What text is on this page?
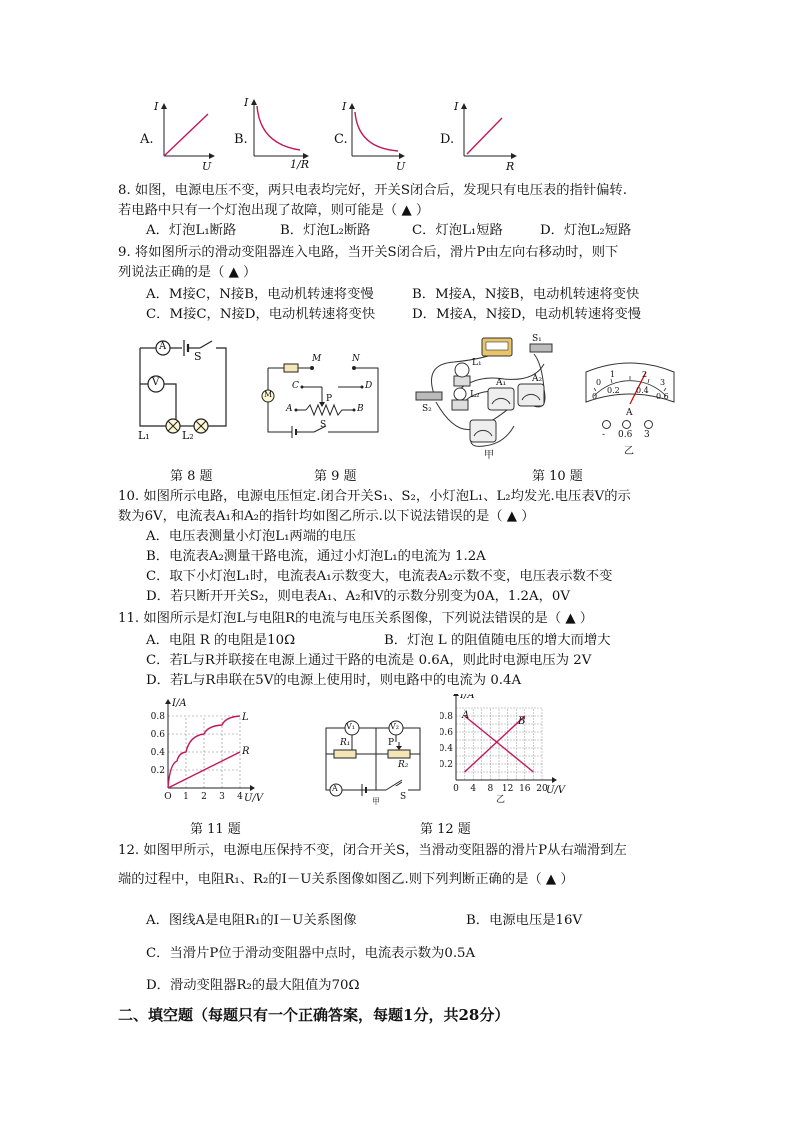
A.	B.	C.	D.
I	I	I	I
U	1/R	U	R
8. 如图，电源电压不变，两只电表均完好，开关S闭合后，发现只有电压表的指针偏转.
若电路中只有一个灯泡出现了故障，则可能是（ ▲ ）
A．灯泡L₁断路	B．灯泡L₂断路	C．灯泡L₁短路	D．灯泡L₂短路
9. 将如图所示的滑动变阻器连入电路，当开关S闭合后，滑片P由左向右移动时，则下
列说法正确的是（ ▲ ）
A．M接C，N接B，电动机转速将变慢	B．M接A，N接B，电动机转速将变快
C．M接C，N接D，电动机转速将变快	D．M接A，N接D，电动机转速将变慢
A
V
S
L₁	L₂
M
M	N
C	D
A	B
P
S
L₁
A₁	A₂
S₁
S₂
L₂
甲
0
0.2 0.4
0.6
0
1	2
3
A
- 0.6 3
乙
第 8 题	第 9 题	第 10 题
10. 如图所示电路，电源电压恒定.闭合开关S₁、S₂，小灯泡L₁、L₂均发光.电压表V的示
数为6V，电流表A₁和A₂的指针均如图乙所示.以下说法错误的是（ ▲ ）
A．电压表测量小灯泡L₁两端的电压
B．电流表A₂测量干路电流，通过小灯泡L₁的电流为 1.2A
C．取下小灯泡L₁时，电流表A₁示数变大，电流表A₂示数不变，电压表示数不变
D．若只断开开关S₂，则电表A₁、A₂和V的示数分别变为0A，1.2A，0V
11. 如图所示是灯泡L与电阻R的电流与电压关系图像，下列说法错误的是（ ▲ ）
A．电阻 R 的电阻是10Ω	B．灯泡 L 的阻值随电压的增大而增大
C．若L与R并联接在电源上通过干路的电流是 0.6A，则此时电源电压为 2V
D．若L与R串联在5V的电源上使用时，则电路中的电流为 0.4A
O 1 2 3 4
0.2
0.4
0.6
0.8
I/A
U/V
L
R
V₁	V₂
R₁
R₂
P
A
S
甲
0 4 8 12 16 20
0.2
0.4
0.6
0.8
I/A
U/V
A
B
乙
第 11 题	第 12 题
12. 如图甲所示，电源电压保持不变，闭合开关S，当滑动变阻器的滑片P从右端滑到左
端的过程中，电阻R₁、R₂的I－U关系图像如图乙.则下列判断正确的是（ ▲ ）
A．图线A是电阻R₁的I－U关系图像	B．电源电压是16V
C．当滑片P位于滑动变阻器中点时，电流表示数为0.5A
D．滑动变阻器R₂的最大阻值为70Ω
二、填空题（每题只有一个正确答案，每题1分，共28分）
